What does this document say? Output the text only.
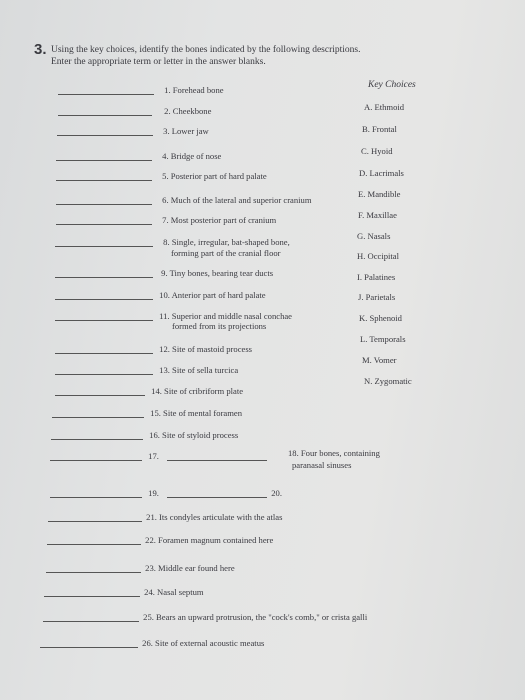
3. Using the key choices, identify the bones indicated by the following descriptions. Enter the appropriate term or letter in the answer blanks.
Key Choices
A. Ethmoid
B. Frontal
C. Hyoid
D. Lacrimals
E. Mandible
F. Maxillae
G. Nasals
H. Occipital
I. Palatines
J. Parietals
K. Sphenoid
L. Temporals
M. Vomer
N. Zygomatic
1. Forehead bone
2. Cheekbone
3. Lower jaw
4. Bridge of nose
5. Posterior part of hard palate
6. Much of the lateral and superior cranium
7. Most posterior part of cranium
8. Single, irregular, bat-shaped bone,
forming part of the cranial floor
9. Tiny bones, bearing tear ducts
10. Anterior part of hard palate
11. Superior and middle nasal conchae
formed from its projections
12. Site of mastoid process
13. Site of sella turcica
14. Site of cribriform plate
15. Site of mental foramen
16. Site of styloid process
17.	18. Four bones, containing
paranasal sinuses
19.	20.
21. Its condyles articulate with the atlas
22. Foramen magnum contained here
23. Middle ear found here
24. Nasal septum
25. Bears an upward protrusion, the "cock's comb," or crista galli
26. Site of external acoustic meatus
